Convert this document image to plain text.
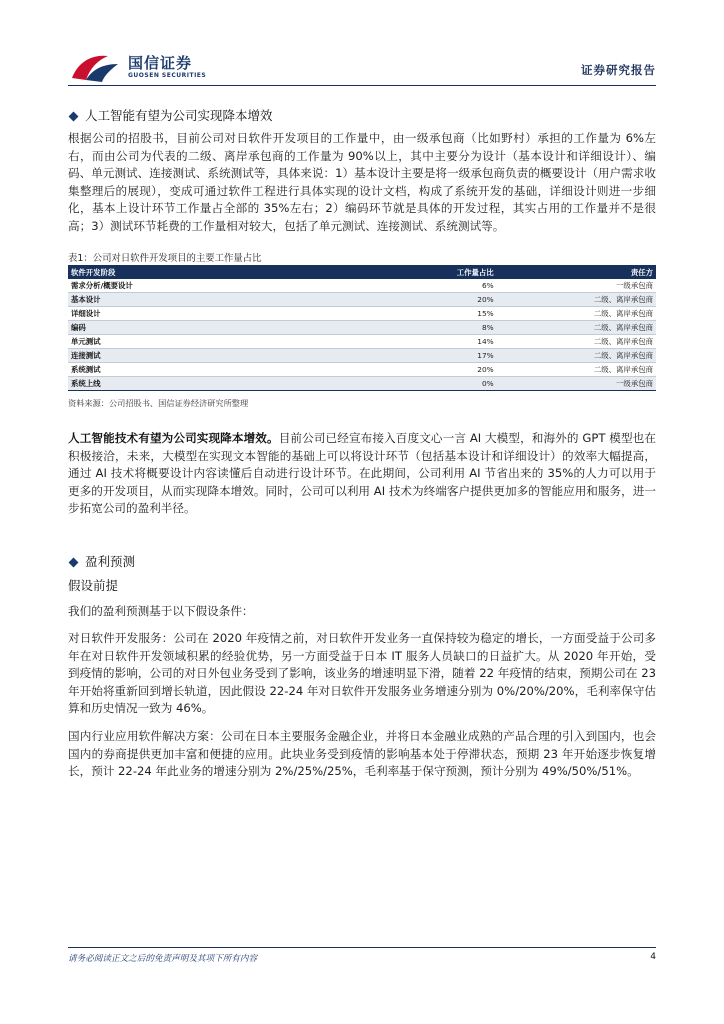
国信证券
GUOSEN SECURITIES	证券研究报告
人工智能有望为公司实现降本增效

根据公司的招股书，目前公司对日软件开发项目的工作量中，由一级承包商（比如野村）承担的工作量为 6%左右，而由公司为代表的二级、离岸承包商的工作量为 90%以上，其中主要分为设计（基本设计和详细设计）、编码、单元测试、连接测试、系统测试等，具体来说：1）基本设计主要是将一级承包商负责的概要设计（用户需求收集整理后的展现），变成可通过软件工程进行具体实现的设计文档，构成了系统开发的基础，详细设计则进一步细化，基本上设计环节工作量占全部的 35%左右；2）编码环节就是具体的开发过程，其实占用的工作量并不是很高；3）测试环节耗费的工作量相对较大，包括了单元测试、连接测试、系统测试等。

表1：公司对日软件开发项目的主要工作量占比
软件开发阶段	工作量占比	责任方
需求分析/概要设计	6%	一级承包商
基本设计	20%	二级、离岸承包商
详细设计	15%	二级、离岸承包商
编码	8%	二级、离岸承包商
单元测试	14%	二级、离岸承包商
连接测试	17%	二级、离岸承包商
系统测试	20%	二级、离岸承包商
系统上线	0%	一级承包商
资料来源：公司招股书、国信证券经济研究所整理

人工智能技术有望为公司实现降本增效。目前公司已经宣布接入百度文心一言 AI 大模型，和海外的 GPT 模型也在积极接洽，未来，大模型在实现文本智能的基础上可以将设计环节（包括基本设计和详细设计）的效率大幅提高，通过 AI 技术将概要设计内容读懂后自动进行设计环节。在此期间，公司利用 AI 节省出来的 35%的人力可以用于更多的开发项目，从而实现降本增效。同时，公司可以利用 AI 技术为终端客户提供更加多的智能应用和服务，进一步拓宽公司的盈利半径。

盈利预测
假设前提

我们的盈利预测基于以下假设条件：

对日软件开发服务：公司在 2020 年疫情之前，对日软件开发业务一直保持较为稳定的增长，一方面受益于公司多年在对日软件开发领域积累的经验优势，另一方面受益于日本 IT 服务人员缺口的日益扩大。从 2020 年开始，受到疫情的影响，公司的对日外包业务受到了影响，该业务的增速明显下滑，随着 22 年疫情的结束，预期公司在 23 年开始将重新回到增长轨道，因此假设 22-24 年对日软件开发服务业务增速分别为 0%/20%/20%，毛利率保守估算和历史情况一致为 46%。

国内行业应用软件解决方案：公司在日本主要服务金融企业，并将日本金融业成熟的产品合理的引入到国内，也会国内的券商提供更加丰富和便捷的应用。此块业务受到疫情的影响基本处于停滞状态，预期 23 年开始逐步恢复增长，预计 22-24 年此业务的增速分别为 2%/25%/25%，毛利率基于保守预测，预计分别为 49%/50%/51%。

请务必阅读正文之后的免责声明及其项下所有内容	4
